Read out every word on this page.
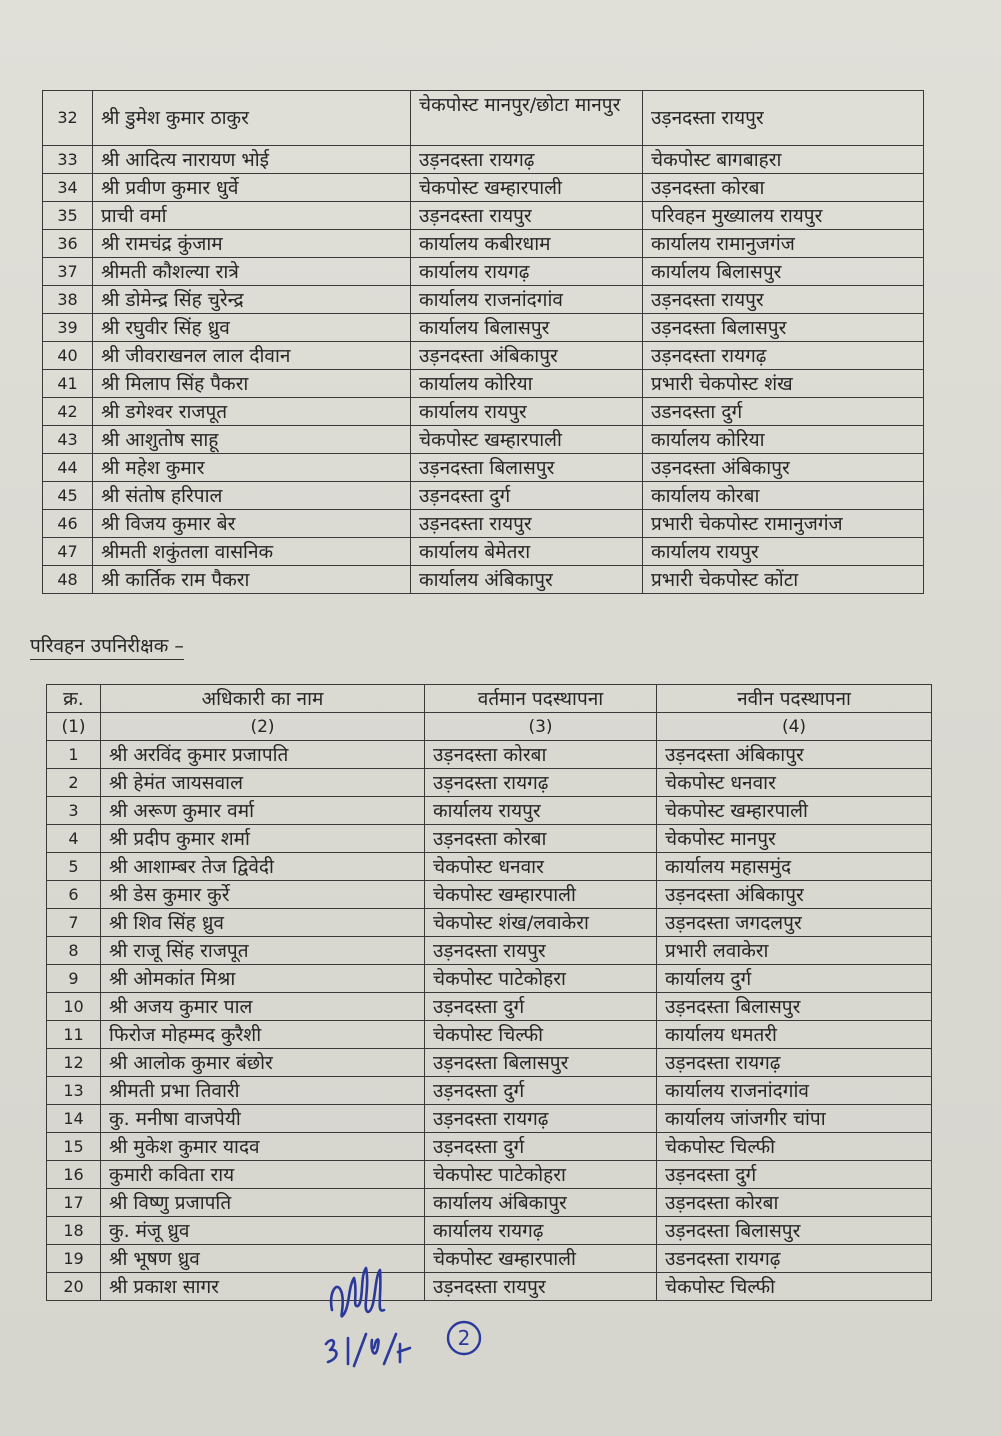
32	श्री डुमेश कुमार ठाकुर	चेकपोस्ट मानपुर/छोटा मानपुर	उड़नदस्ता रायपुर
33	श्री आदित्य नारायण भोई	उड़नदस्ता रायगढ़	चेकपोस्ट बागबाहरा
34	श्री प्रवीण कुमार धुर्वे	चेकपोस्ट खम्हारपाली	उड़नदस्ता कोरबा
35	प्राची वर्मा	उड़नदस्ता रायपुर	परिवहन मुख्यालय रायपुर
36	श्री रामचंद्र कुंजाम	कार्यालय कबीरधाम	कार्यालय रामानुजगंज
37	श्रीमती कौशल्या रात्रे	कार्यालय रायगढ़	कार्यालय बिलासपुर
38	श्री डोमेन्द्र सिंह चुरेन्द्र	कार्यालय राजनांदगांव	उड़नदस्ता रायपुर
39	श्री रघुवीर सिंह ध्रुव	कार्यालय बिलासपुर	उड़नदस्ता बिलासपुर
40	श्री जीवराखनल लाल दीवान	उड़नदस्ता अंबिकापुर	उड़नदस्ता रायगढ़
41	श्री मिलाप सिंह पैकरा	कार्यालय कोरिया	प्रभारी चेकपोस्ट शंख
42	श्री डगेश्वर राजपूत	कार्यालय रायपुर	उडनदस्ता दुर्ग
43	श्री आशुतोष साहू	चेकपोस्ट खम्हारपाली	कार्यालय कोरिया
44	श्री महेश कुमार	उड़नदस्ता बिलासपुर	उड़नदस्ता अंबिकापुर
45	श्री संतोष हरिपाल	उड़नदस्ता दुर्ग	कार्यालय कोरबा
46	श्री विजय कुमार बेर	उड़नदस्ता रायपुर	प्रभारी चेकपोस्ट रामानुजगंज
47	श्रीमती शकुंतला वासनिक	कार्यालय बेमेतरा	कार्यालय रायपुर
48	श्री कार्तिक राम पैकरा	कार्यालय अंबिकापुर	प्रभारी चेकपोस्ट कोंटा
परिवहन उपनिरीक्षक –
क्र.	अधिकारी का नाम	वर्तमान पदस्थापना	नवीन पदस्थापना
(1)	(2)	(3)	(4)
1	श्री अरविंद कुमार प्रजापति	उड़नदस्ता कोरबा	उड़नदस्ता अंबिकापुर
2	श्री हेमंत जायसवाल	उड़नदस्ता रायगढ़	चेकपोस्ट धनवार
3	श्री अरूण कुमार वर्मा	कार्यालय रायपुर	चेकपोस्ट खम्हारपाली
4	श्री प्रदीप कुमार शर्मा	उड़नदस्ता कोरबा	चेकपोस्ट मानपुर
5	श्री आशाम्बर तेज द्विवेदी	चेकपोस्ट धनवार	कार्यालय महासमुंद
6	श्री डेस कुमार कुर्रे	चेकपोस्ट खम्हारपाली	उड़नदस्ता अंबिकापुर
7	श्री शिव सिंह ध्रुव	चेकपोस्ट शंख/लवाकेरा	उड़नदस्ता जगदलपुर
8	श्री राजू सिंह राजपूत	उड़नदस्ता रायपुर	प्रभारी लवाकेरा
9	श्री ओमकांत मिश्रा	चेकपोस्ट पाटेकोहरा	कार्यालय दुर्ग
10	श्री अजय कुमार पाल	उड़नदस्ता दुर्ग	उड़नदस्ता बिलासपुर
11	फिरोज मोहम्मद कुरैशी	चेकपोस्ट चिल्फी	कार्यालय धमतरी
12	श्री आलोक कुमार बंछोर	उड़नदस्ता बिलासपुर	उड़नदस्ता रायगढ़
13	श्रीमती प्रभा तिवारी	उड़नदस्ता दुर्ग	कार्यालय राजनांदगांव
14	कु. मनीषा वाजपेयी	उड़नदस्ता रायगढ़	कार्यालय जांजगीर चांपा
15	श्री मुकेश कुमार यादव	उड़नदस्ता दुर्ग	चेकपोस्ट चिल्फी
16	कुमारी कविता राय	चेकपोस्ट पाटेकोहरा	उड़नदस्ता दुर्ग
17	श्री विष्णु प्रजापति	कार्यालय अंबिकापुर	उड़नदस्ता कोरबा
18	कु. मंजू ध्रुव	कार्यालय रायगढ़	उड़नदस्ता बिलासपुर
19	श्री भूषण ध्रुव	चेकपोस्ट खम्हारपाली	उडनदस्ता रायगढ़
20	श्री प्रकाश सागर	उड़नदस्ता रायपुर	चेकपोस्ट चिल्फी
2
